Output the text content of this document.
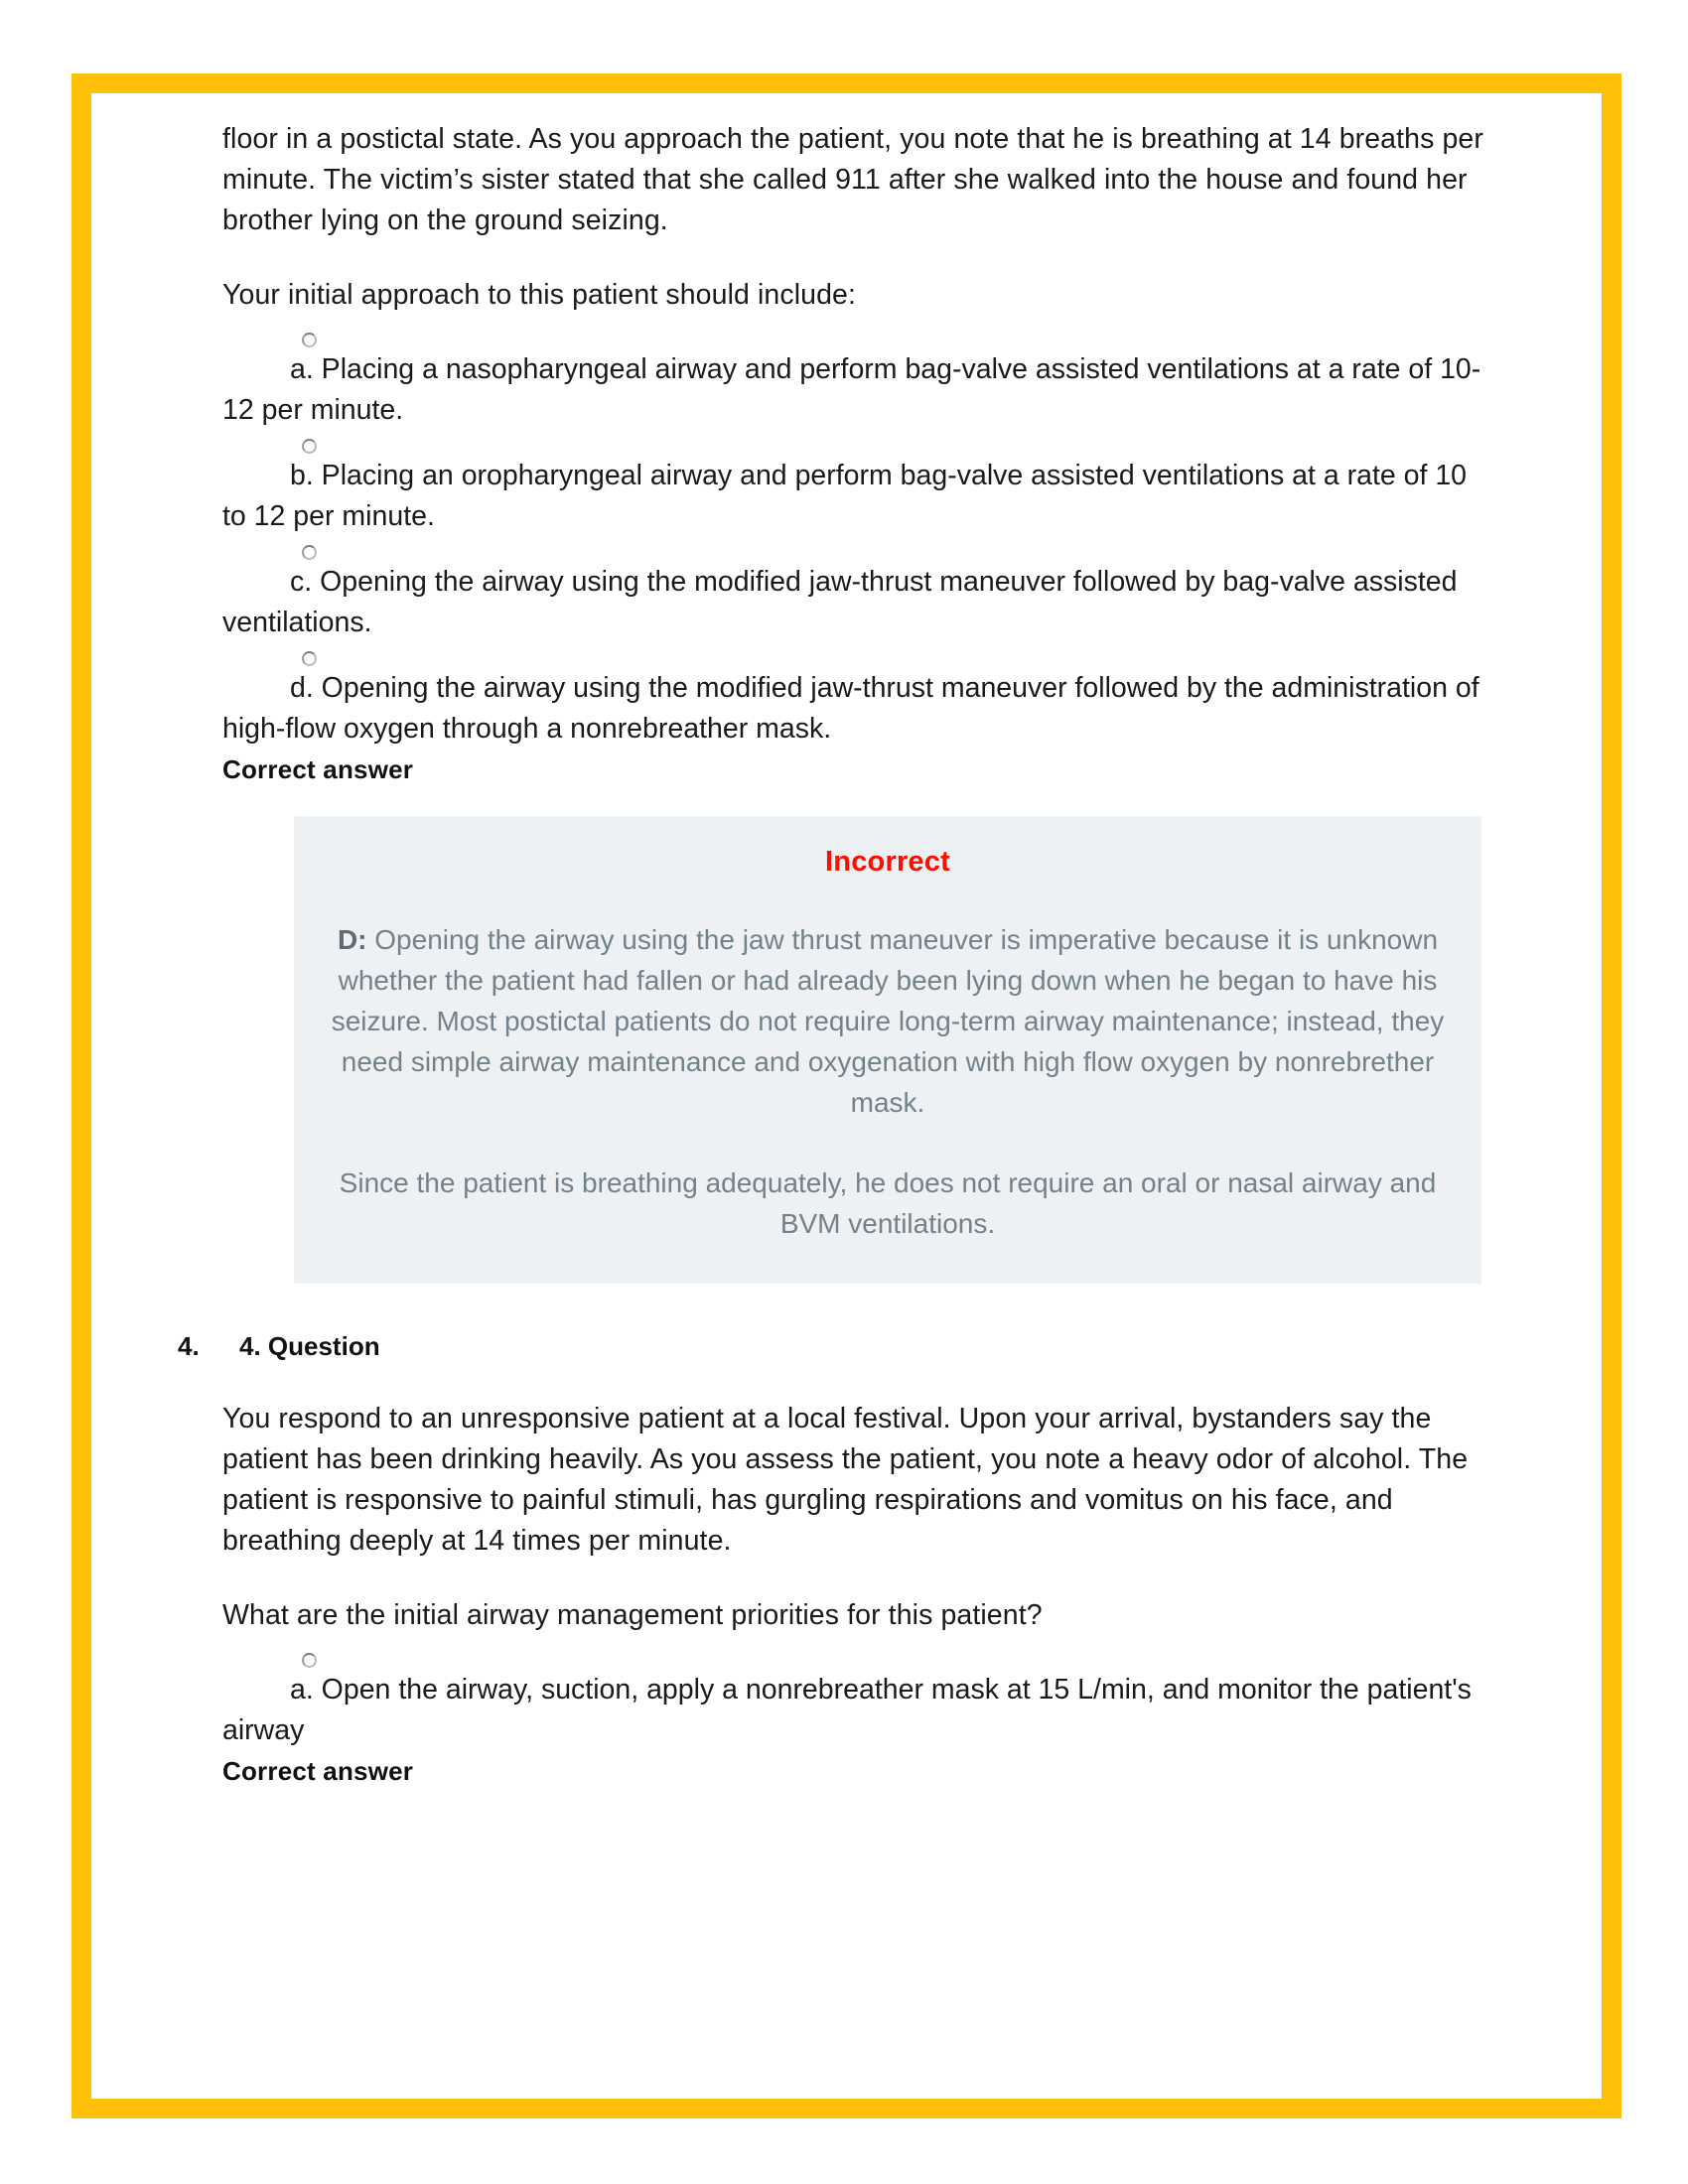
floor in a postictal state. As you approach the patient, you note that he is breathing at 14 breaths per minute. The victim’s sister stated that she called 911 after she walked into the house and found her brother lying on the ground seizing.

Your initial approach to this patient should include:

a. Placing a nasopharyngeal airway and perform bag-valve assisted ventilations at a rate of 10-12 per minute.
b. Placing an oropharyngeal airway and perform bag-valve assisted ventilations at a rate of 10 to 12 per minute.
c. Opening the airway using the modified jaw-thrust maneuver followed by bag-valve assisted ventilations.
d. Opening the airway using the modified jaw-thrust maneuver followed by the administration of high-flow oxygen through a nonrebreather mask.

Correct answer

Incorrect
D: Opening the airway using the jaw thrust maneuver is imperative because it is unknown whether the patient had fallen or had already been lying down when he began to have his seizure. Most postictal patients do not require long-term airway maintenance; instead, they need simple airway maintenance and oxygenation with high flow oxygen by nonrebrether mask.
Since the patient is breathing adequately, he does not require an oral or nasal airway and BVM ventilations.
4.	4. Question

You respond to an unresponsive patient at a local festival. Upon your arrival, bystanders say the patient has been drinking heavily. As you assess the patient, you note a heavy odor of alcohol. The patient is responsive to painful stimuli, has gurgling respirations and vomitus on his face, and breathing deeply at 14 times per minute.

What are the initial airway management priorities for this patient?

a. Open the airway, suction, apply a nonrebreather mask at 15 L/min, and monitor the patient's airway

Correct answer
